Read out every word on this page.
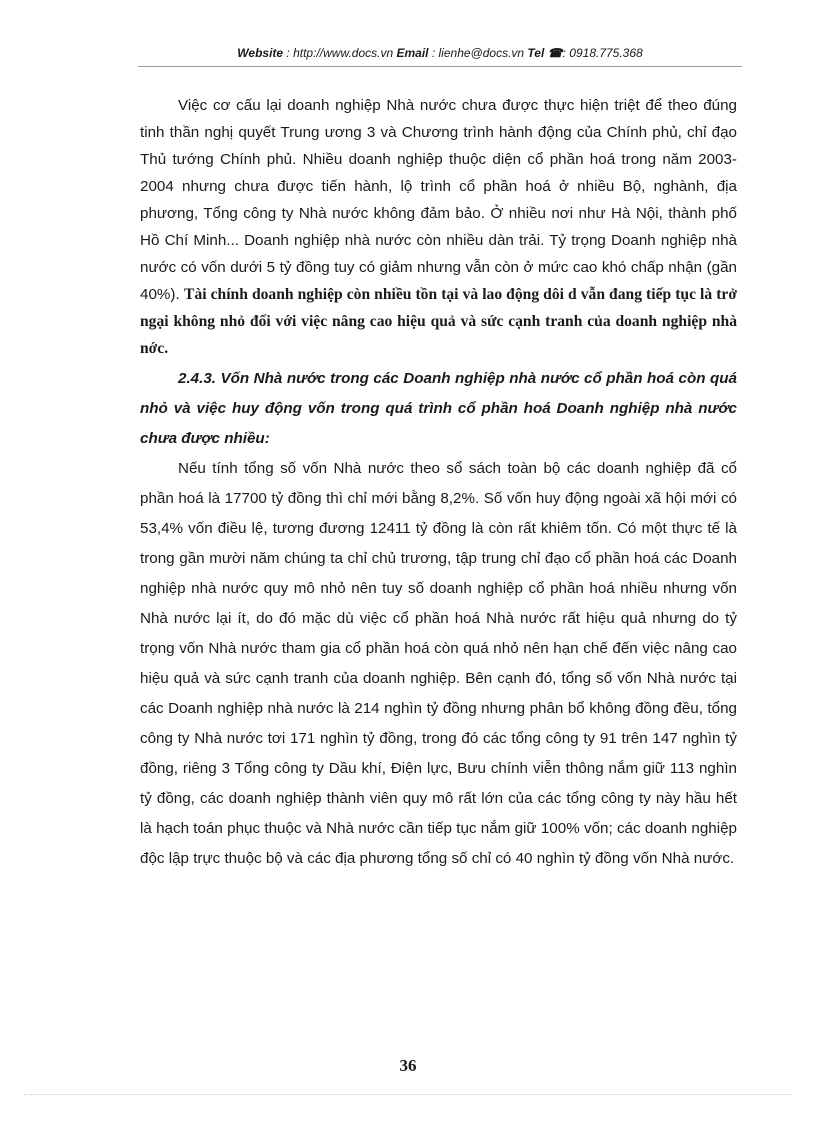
Website : http://www.docs.vn Email : lienhe@docs.vn Tel ☎: 0918.775.368

Việc cơ cấu lại doanh nghiệp Nhà nước chưa được thực hiện triệt để theo đúng tinh thần nghị quyết Trung ương 3 và Chương trình hành động của Chính phủ, chỉ đạo Thủ tướng Chính phủ. Nhiều doanh nghiệp thuộc diện cổ phần hoá trong năm 2003-2004 nhưng chưa được tiến hành, lộ trình cổ phần hoá ở nhiều Bộ, nghành, địa phương, Tổng công ty Nhà nước không đảm bảo. Ở nhiều nơi như Hà Nội, thành phố Hồ Chí Minh... Doanh nghiệp nhà nước còn nhiều dàn trải. Tỷ trọng Doanh nghiệp nhà nước có vốn dưới 5 tỷ đồng tuy có giảm nhưng vẫn còn ở mức cao khó chấp nhận (gần 40%). Tài chính doanh nghiệp còn nhiều tồn tại và lao động dôi d vẫn đang tiếp tục là trở ngại không nhỏ đối với việc nâng cao hiệu quả và sức cạnh tranh của doanh nghiệp nhà nớc.

2.4.3. Vốn Nhà nước trong các Doanh nghiệp nhà nước cổ phần hoá còn quá nhỏ và việc huy động vốn trong quá trình cổ phần hoá Doanh nghiệp nhà nước chưa được nhiều:

Nếu tính tổng số vốn Nhà nước theo sổ sách toàn bộ các doanh nghiệp đã cổ phần hoá là 17700 tỷ đồng thì chỉ mới bằng 8,2%. Số vốn huy động ngoài xã hội mới có 53,4% vốn điều lệ, tương đương 12411 tỷ đồng là còn rất khiêm tốn. Có một thực tế là trong gần mười năm chúng ta chỉ chủ trương, tập trung chỉ đạo cổ phần hoá các Doanh nghiệp nhà nước quy mô nhỏ nên tuy số doanh nghiệp cổ phần hoá nhiều nhưng vốn Nhà nước lại ít, do đó mặc dù việc cổ phần hoá Nhà nước rất hiệu quả nhưng do tỷ trọng vốn Nhà nước tham gia cổ phần hoá còn quá nhỏ nên hạn chế đến việc nâng cao hiệu quả và sức cạnh tranh của doanh nghiệp. Bên cạnh đó, tổng số vốn Nhà nước tại các Doanh nghiệp nhà nước là 214 nghìn tỷ đồng nhưng phân bổ không đồng đều, tổng công ty Nhà nước tơi 171 nghìn tỷ đồng, trong đó các tổng công ty 91 trên 147 nghìn tỷ đồng, riêng 3 Tổng công ty Dầu khí, Điện lực, Bưu chính viễn thông nắm giữ 113 nghìn tỷ đồng, các doanh nghiệp thành viên quy mô rất lớn của các tổng công ty này hầu hết là hạch toán phục thuộc và Nhà nước cần tiếp tục nắm giữ 100% vốn; các doanh nghiệp độc lập trực thuộc bộ và các địa phương tổng số chỉ có 40 nghìn tỷ đồng vốn Nhà nước.

36
